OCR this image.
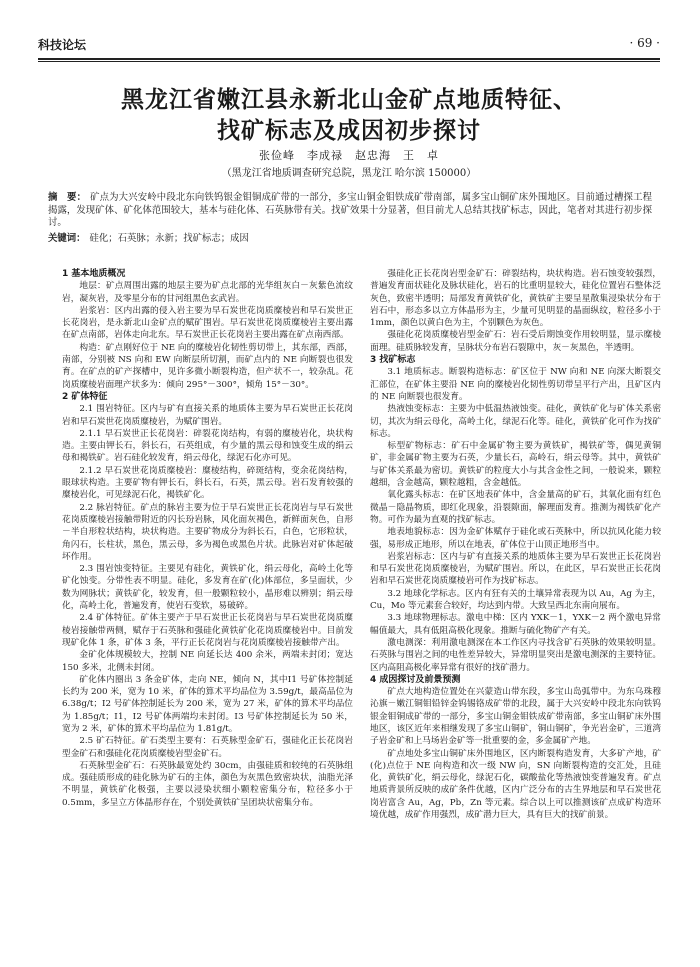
科技论坛	· 69 ·
黑龙江省嫩江县永新北山金矿点地质特征、
找矿标志及成因初步探讨
张俭峰　李成禄　赵忠海　王　卓
（黑龙江省地质调查研究总院，黑龙江 哈尔滨 150000）
摘　要： 矿点为大兴安岭中段北东向铁钨银金钼铜成矿带的一部分，多宝山铜金钼铁成矿带南部，属多宝山铜矿床外围地区。目前通过槽探工程揭露，发现矿体、矿化体范围较大，基本与硅化体、石英脉带有关。找矿效果十分显著，但目前尤人总结其找矿标志，因此，笔者对其进行初步探讨。
关键词： 硅化；石英脉；永新；找矿标志；成因
1 基本地质概况

地层：矿点周围出露的地层主要为矿点北部的光华组灰白－灰紫色流纹岩，凝灰岩，及零星分布的甘河组黑色玄武岩。

岩浆岩：区内出露的侵入岩主要为早石炭世花岗质糜棱岩和早石炭世正长花岗岩，是永新北山金矿点的赋矿围岩。早石炭世花岗质糜棱岩主要出露在矿点南部，岩体走向北东。早石炭世正长花岗岩主要出露在矿点南西部。

构造：矿点刚好位于 NE 向的糜棱岩化韧性剪切带上，其东部，西部，南部，分别被 NS 向和 EW 向断层所切割，而矿点内的 NE 向断裂也很发育。在矿点的矿产探槽中，见许多微小断裂构造，但产状不一，较杂乱。花岗质糜棱岩面理产状多为：倾向 295°－300°，倾角 15°－30°。

2 矿体特征

2.1 围岩特征。区内与矿有直接关系的地质体主要为早石炭世正长花岗岩和早石炭世花岗质糜棱岩，为赋矿围岩。

2.1.1 早石炭世正长花岗岩：碎裂花岗结构，有弱的糜棱岩化，块状构造。主要由钾长石，斜长石，石英组成，有少量的黑云母和蚀变生成的绢云母和褐铁矿。岩石硅化较发育，绢云母化，绿泥石化亦可见。

2.1.2 早石炭世花岗质糜棱岩：糜棱结构，碎斑结构，变余花岗结构，眼球状构造。主要矿物有钾长石，斜长石，石英，黑云母。岩石发育较强的糜棱岩化，可见绿泥石化，褐铁矿化。

2.2 脉岩特征。矿点的脉岩主要为位于早石炭世正长花岗岩与早石炭世花岗质糜棱岩接触带附近的闪长玢岩脉，风化面灰褐色，新鲜面灰色，自形－半自形粒状结构，块状构造。主要矿物成分为斜长石，白色，它形粒状，角闪石，长柱状，黑色，黑云母，多为褐色或黑色片状。此脉岩对矿体起破坏作用。

2.3 围岩蚀变特征。主要见有硅化，黄铁矿化，绢云母化，高岭土化等矿化蚀变。分带性表不明显。硅化，多发育在矿(化)体部位，多呈面状，少数为网脉状；黄铁矿化，较发育，但一般颗粒较小，晶形难以辨别；绢云母化，高岭土化，普遍发育，使岩石变软，易破碎。

2.4 矿体特征。矿体主要产于早石炭世正长花岗岩与早石炭世花岗质糜棱岩接触带两侧，赋存于石英脉和强硅化黄铁矿化花岗质糜棱岩中。目前发现矿化体 1 条，矿体 3 条，平行正长花岗岩与花岗质糜棱岩接触带产出。

金矿化体规模较大，控制 NE 向延长达 400 余米，两端未封闭；宽达 150 多米，北侧未封闭。

矿化体内圈出 3 条金矿体，走向 NE，倾向 N，其中Ⅰ1 号矿体控制延长约为 200 米，宽为 10 米，矿体的算术平均品位为 3.59g/t，最高品位为 6.38g/t；Ⅰ2 号矿体控制延长为 200 米，宽为 27 米，矿体的算术平均品位为 1.85g/t；Ⅰ1，Ⅰ2 号矿体两端均未封闭。Ⅰ3 号矿体控制延长为 50 米，宽为 2 米，矿体的算术平均品位为 1.81g/t。

2.5 矿石特征。矿石类型主要有：石英脉型金矿石，强硅化正长花岗岩型金矿石和强硅化花岗质糜棱岩型金矿石。

石英脉型金矿石：石英脉最宽处约 30cm，由强硅质和较纯的石英脉组成。强硅质形成的硅化脉为矿石的主体，颜色为灰黑色致密块状，油脂光泽不明显，黄铁矿化极强，主要以浸染状细小颗粒密集分布，粒径多小于 0.5mm，多呈立方体晶形存在，个别处黄铁矿呈团块状密集分布。

强硅化正长花岗岩型金矿石：碎裂结构，块状构造。岩石蚀变较强烈，普遍发育面状硅化及脉状硅化，岩石的比重明显较大，硅化位置岩石整体泛灰色，致密半透明；局部发育黄铁矿化，黄铁矿主要呈星散集浸染状分布于岩石中，形态多以立方体晶形为主，少量可见明显的晶面纵纹，粒径多小于 1mm，颜色以黄白色为主，个别颗色为灰色。

强硅化花岗质糜棱岩型金矿石：岩石受后期蚀变作用较明显，显示糜棱面理。硅质脉较发育，呈脉状分布岩石裂隙中，灰－灰黑色，半透明。

3 找矿标志

3.1 地质标志。断裂构造标志：矿区位于 NW 向和 NE 向深大断裂交汇部位，在矿体主要沿 NE 向的糜棱岩化韧性剪切带呈平行产出，且矿区内的 NE 向断裂也很发育。

热液蚀变标志：主要为中低温热液蚀变。硅化，黄铁矿化与矿体关系密切，其次为绢云母化，高岭土化，绿泥石化等。硅化，黄铁矿化可作为找矿标志。

标型矿物标志：矿石中金属矿物主要为黄铁矿，褐铁矿等，偶见黄铜矿，非金属矿物主要为石英，少量长石，高岭石，绢云母等。其中，黄铁矿与矿体关系最为密切。黄铁矿的粒度大小与其含金性之间，一般说来，颗粒越细，含金越高，颗粒越粗，含金越低。

氧化露头标志：在矿区地表矿体中，含金量高的矿石，其氧化面有红色微晶－隐晶物质，即红化现象，沿裂隙面，解理面发育。推测为褐铁矿化产物。可作为最为直观的找矿标志。

地表地貌标志：因为金矿体赋存于硅化或石英脉中，所以抗风化能力较强，易形成正地形，所以在地表，矿体位于山顶正地形当中。

岩浆岩标志：区内与矿有直接关系的地质体主要为早石炭世正长花岗岩和早石炭世花岗质糜棱岩，为赋矿围岩。所以，在此区，早石炭世正长花岗岩和早石炭世花岗质糜棱岩可作为找矿标志。

3.2 地球化学标志。区内有狂有关的土壤异常表现为以 Au，Ag 为主，Cu，Mo 等元素套合较好，均达到内带。大致呈西北东南向展布。

3.3 地球物理标志。激电中梯：区内 YXK－1，YXK－2 两个激电异常幅值最大，具有低阻高极化现象。推断与硫化物矿产有关。

激电测深：利用激电测深在本工作区内寻找含矿石英脉的效果较明显。石英脉与围岩之间的电性差异较大，异常明显突出是激电测深的主要特征。区内高阻高极化率异常有很好的找矿潜力。

4 成因探讨及前景预测

矿点大地构造位置处在兴蒙造山带东段，多宝山岛弧带中。为东乌珠穆沁旗－嫩江铜钼铅锌金钨锡铬成矿带的北段，属于大兴安岭中段北东向铁钨银金钼铜成矿带的一部分，多宝山铜金钼铁成矿带南部，多宝山铜矿床外围地区，该区近年来相继发现了多宝山铜矿，铜山铜矿，争光岩金矿，三道湾子岩金矿和上马场岩金矿等一批重要的金，多金属矿产地。

矿点地处多宝山铜矿床外围地区，区内断裂构造发育，大多矿产地，矿(化)点位于 NE 向构造和次一级 NW 向，SN 向断裂构造的交汇处，且硅化，黄铁矿化，绢云母化，绿泥石化，碳酸盐化等热液蚀变普遍发育。矿点地质背景所反映的成矿条件优越，区内广泛分布的古生界地层和早石炭世花岗岩富含 Au，Ag，Pb，Zn 等元素。综合以上可以推测该矿点成矿构造环境优越，成矿作用强烈，成矿潜力巨大，具有巨大的找矿前景。
